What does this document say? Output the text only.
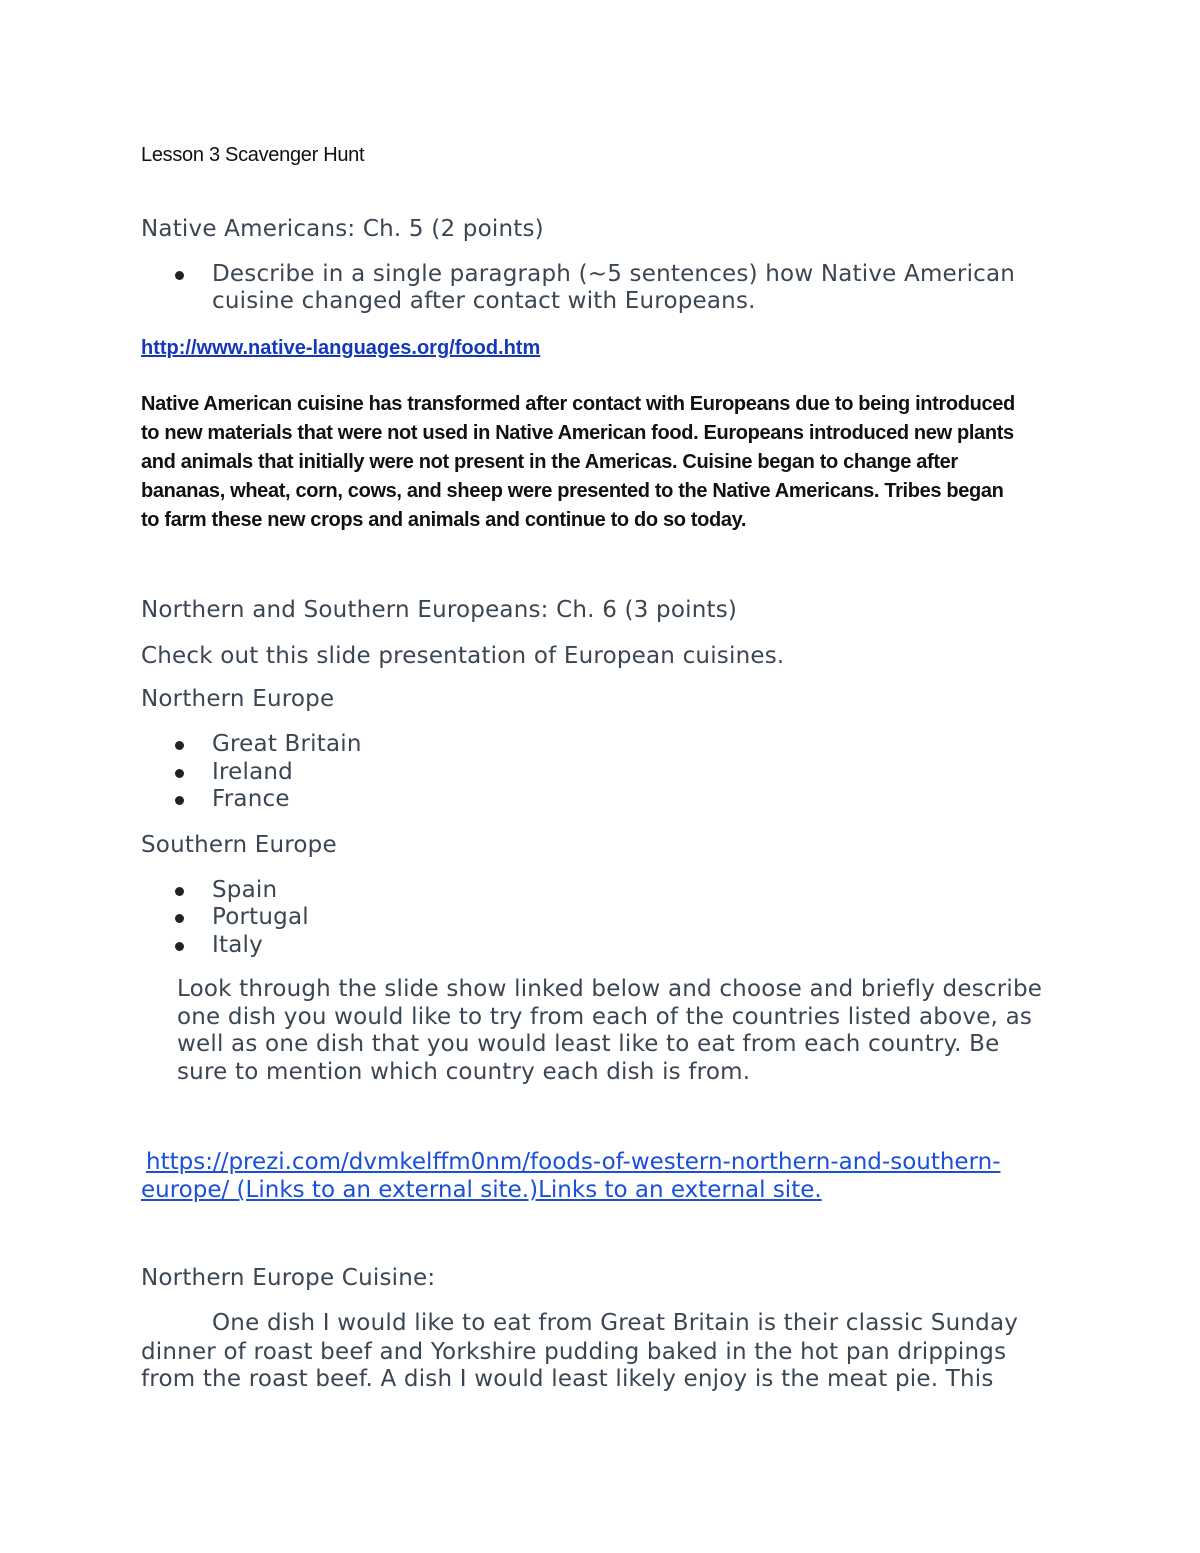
Lesson 3 Scavenger Hunt
Native Americans: Ch. 5 (2 points)
Describe in a single paragraph (~5 sentences) how Native American
cuisine changed after contact with Europeans.
http://www.native-languages.org/food.htm
Native American cuisine has transformed after contact with Europeans due to being introduced
to new materials that were not used in Native American food. Europeans introduced new plants
and animals that initially were not present in the Americas. Cuisine began to change after
bananas, wheat, corn, cows, and sheep were presented to the Native Americans. Tribes began
to farm these new crops and animals and continue to do so today.
Northern and Southern Europeans: Ch. 6 (3 points)
Check out this slide presentation of European cuisines.
Northern Europe
Great Britain
Ireland
France
Southern Europe
Spain
Portugal
Italy
Look through the slide show linked below and choose and briefly describe
one dish you would like to try from each of the countries listed above, as
well as one dish that you would least like to eat from each country. Be
sure to mention which country each dish is from.
https://prezi.com/dvmkelffm0nm/foods-of-western-northern-and-southern-
europe/ (Links to an external site.)Links to an external site.
Northern Europe Cuisine:
One dish I would like to eat from Great Britain is their classic Sunday
dinner of roast beef and Yorkshire pudding baked in the hot pan drippings
from the roast beef. A dish I would least likely enjoy is the meat pie. This
